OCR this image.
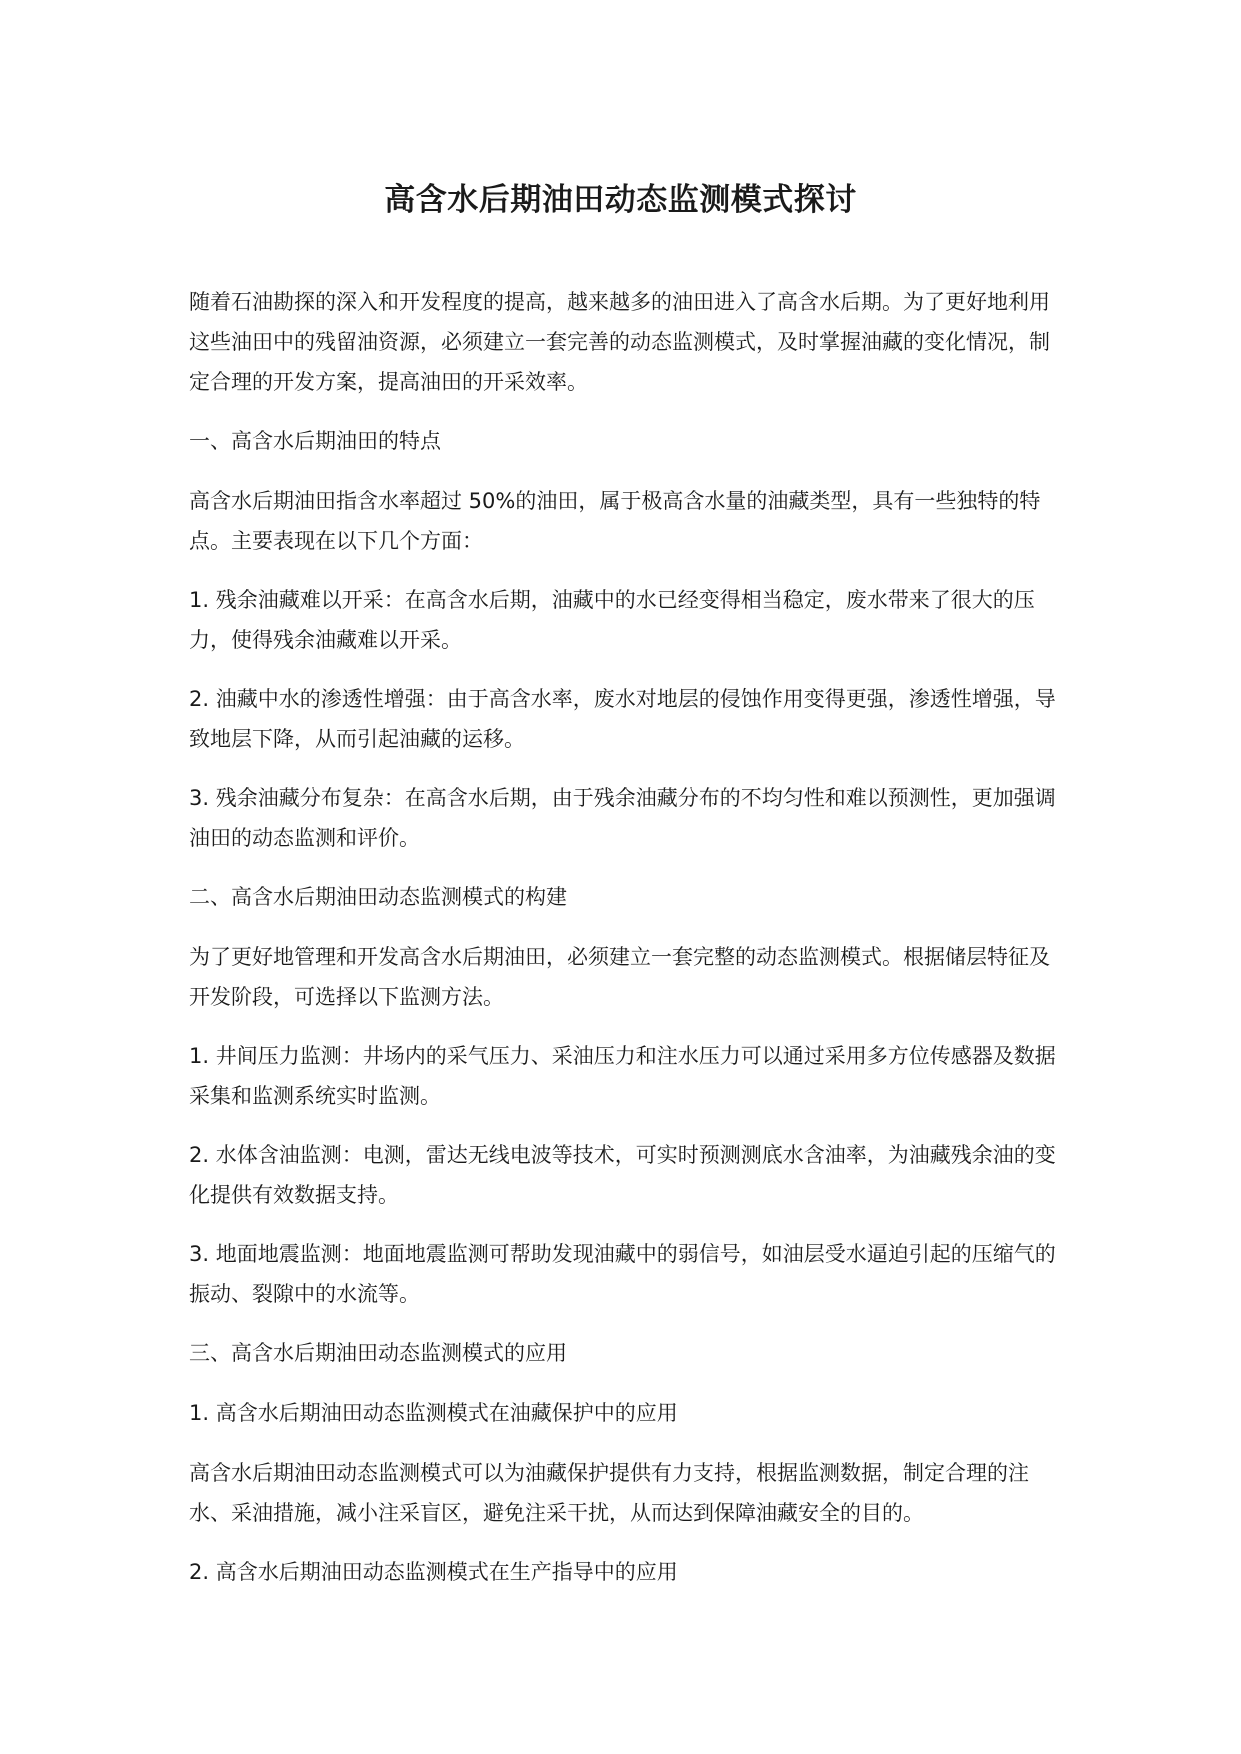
高含水后期油田动态监测模式探讨

随着石油勘探的深入和开发程度的提高，越来越多的油田进入了高含水后期。为了更好地利用这些油田中的残留油资源，必须建立一套完善的动态监测模式，及时掌握油藏的变化情况，制定合理的开发方案，提高油田的开采效率。

一、高含水后期油田的特点

高含水后期油田指含水率超过 50%的油田，属于极高含水量的油藏类型，具有一些独特的特点。主要表现在以下几个方面：

1. 残余油藏难以开采：在高含水后期，油藏中的水已经变得相当稳定，废水带来了很大的压力，使得残余油藏难以开采。

2. 油藏中水的渗透性增强：由于高含水率，废水对地层的侵蚀作用变得更强，渗透性增强，导致地层下降，从而引起油藏的运移。

3. 残余油藏分布复杂：在高含水后期，由于残余油藏分布的不均匀性和难以预测性，更加强调油田的动态监测和评价。

二、高含水后期油田动态监测模式的构建

为了更好地管理和开发高含水后期油田，必须建立一套完整的动态监测模式。根据储层特征及开发阶段，可选择以下监测方法。

1. 井间压力监测：井场内的采气压力、采油压力和注水压力可以通过采用多方位传感器及数据采集和监测系统实时监测。

2. 水体含油监测：电测，雷达无线电波等技术，可实时预测测底水含油率，为油藏残余油的变化提供有效数据支持。

3. 地面地震监测：地面地震监测可帮助发现油藏中的弱信号，如油层受水逼迫引起的压缩气的振动、裂隙中的水流等。

三、高含水后期油田动态监测模式的应用

1. 高含水后期油田动态监测模式在油藏保护中的应用

高含水后期油田动态监测模式可以为油藏保护提供有力支持，根据监测数据，制定合理的注水、采油措施，减小注采盲区，避免注采干扰，从而达到保障油藏安全的目的。

2. 高含水后期油田动态监测模式在生产指导中的应用
